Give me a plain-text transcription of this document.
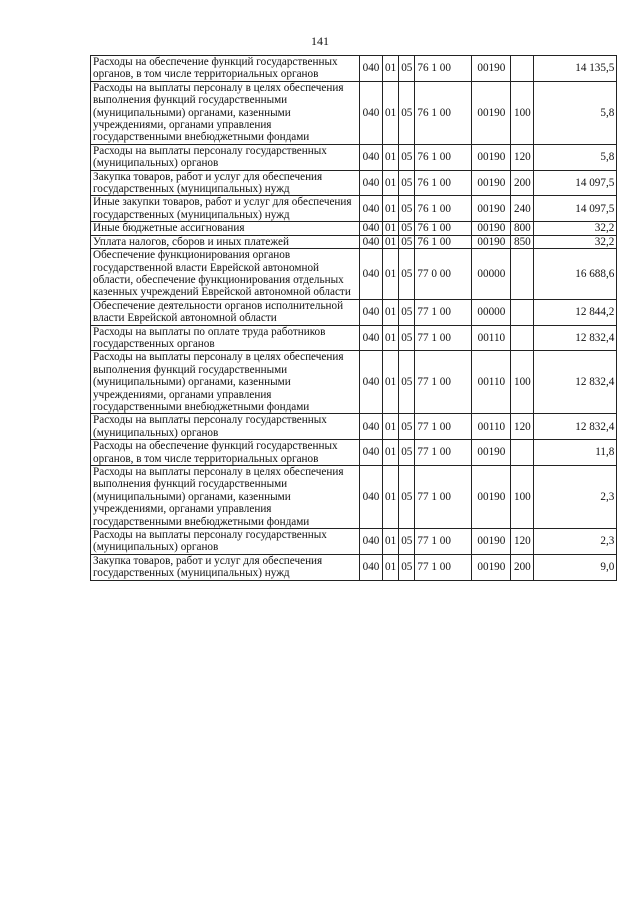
141
Расходы на обеспечение функций государственных органов, в том числе территориальных органов	040	01	05	76 1 00	00190		14 135,5
Расходы на выплаты персоналу в целях обеспечения выполнения функций государственными (муниципальными) органами, казенными учреждениями, органами управления государственными внебюджетными фондами	040	01	05	76 1 00	00190	100	5,8
Расходы на выплаты персоналу государственных (муниципальных) органов	040	01	05	76 1 00	00190	120	5,8
Закупка товаров, работ и услуг для обеспечения государственных (муниципальных) нужд	040	01	05	76 1 00	00190	200	14 097,5
Иные закупки товаров, работ и услуг для обеспечения государственных (муниципальных) нужд	040	01	05	76 1 00	00190	240	14 097,5
Иные бюджетные ассигнования	040	01	05	76 1 00	00190	800	32,2
Уплата налогов, сборов и иных платежей	040	01	05	76 1 00	00190	850	32,2
Обеспечение функционирования органов государственной власти Еврейской автономной области, обеспечение функционирования отдельных казенных учреждений Еврейской автономной области	040	01	05	77 0 00	00000		16 688,6
Обеспечение деятельности органов исполнительной власти Еврейской автономной области	040	01	05	77 1 00	00000		12 844,2
Расходы на выплаты по оплате труда работников государственных органов	040	01	05	77 1 00	00110		12 832,4
Расходы на выплаты персоналу в целях обеспечения выполнения функций государственными (муниципальными) органами, казенными учреждениями, органами управления государственными внебюджетными фондами	040	01	05	77 1 00	00110	100	12 832,4
Расходы на выплаты персоналу государственных (муниципальных) органов	040	01	05	77 1 00	00110	120	12 832,4
Расходы на обеспечение функций государственных органов, в том числе территориальных органов	040	01	05	77 1 00	00190		11,8
Расходы на выплаты персоналу в целях обеспечения выполнения функций государственными (муниципальными) органами, казенными учреждениями, органами управления государственными внебюджетными фондами	040	01	05	77 1 00	00190	100	2,3
Расходы на выплаты персоналу государственных (муниципальных) органов	040	01	05	77 1 00	00190	120	2,3
Закупка товаров, работ и услуг для обеспечения государственных (муниципальных) нужд	040	01	05	77 1 00	00190	200	9,0
